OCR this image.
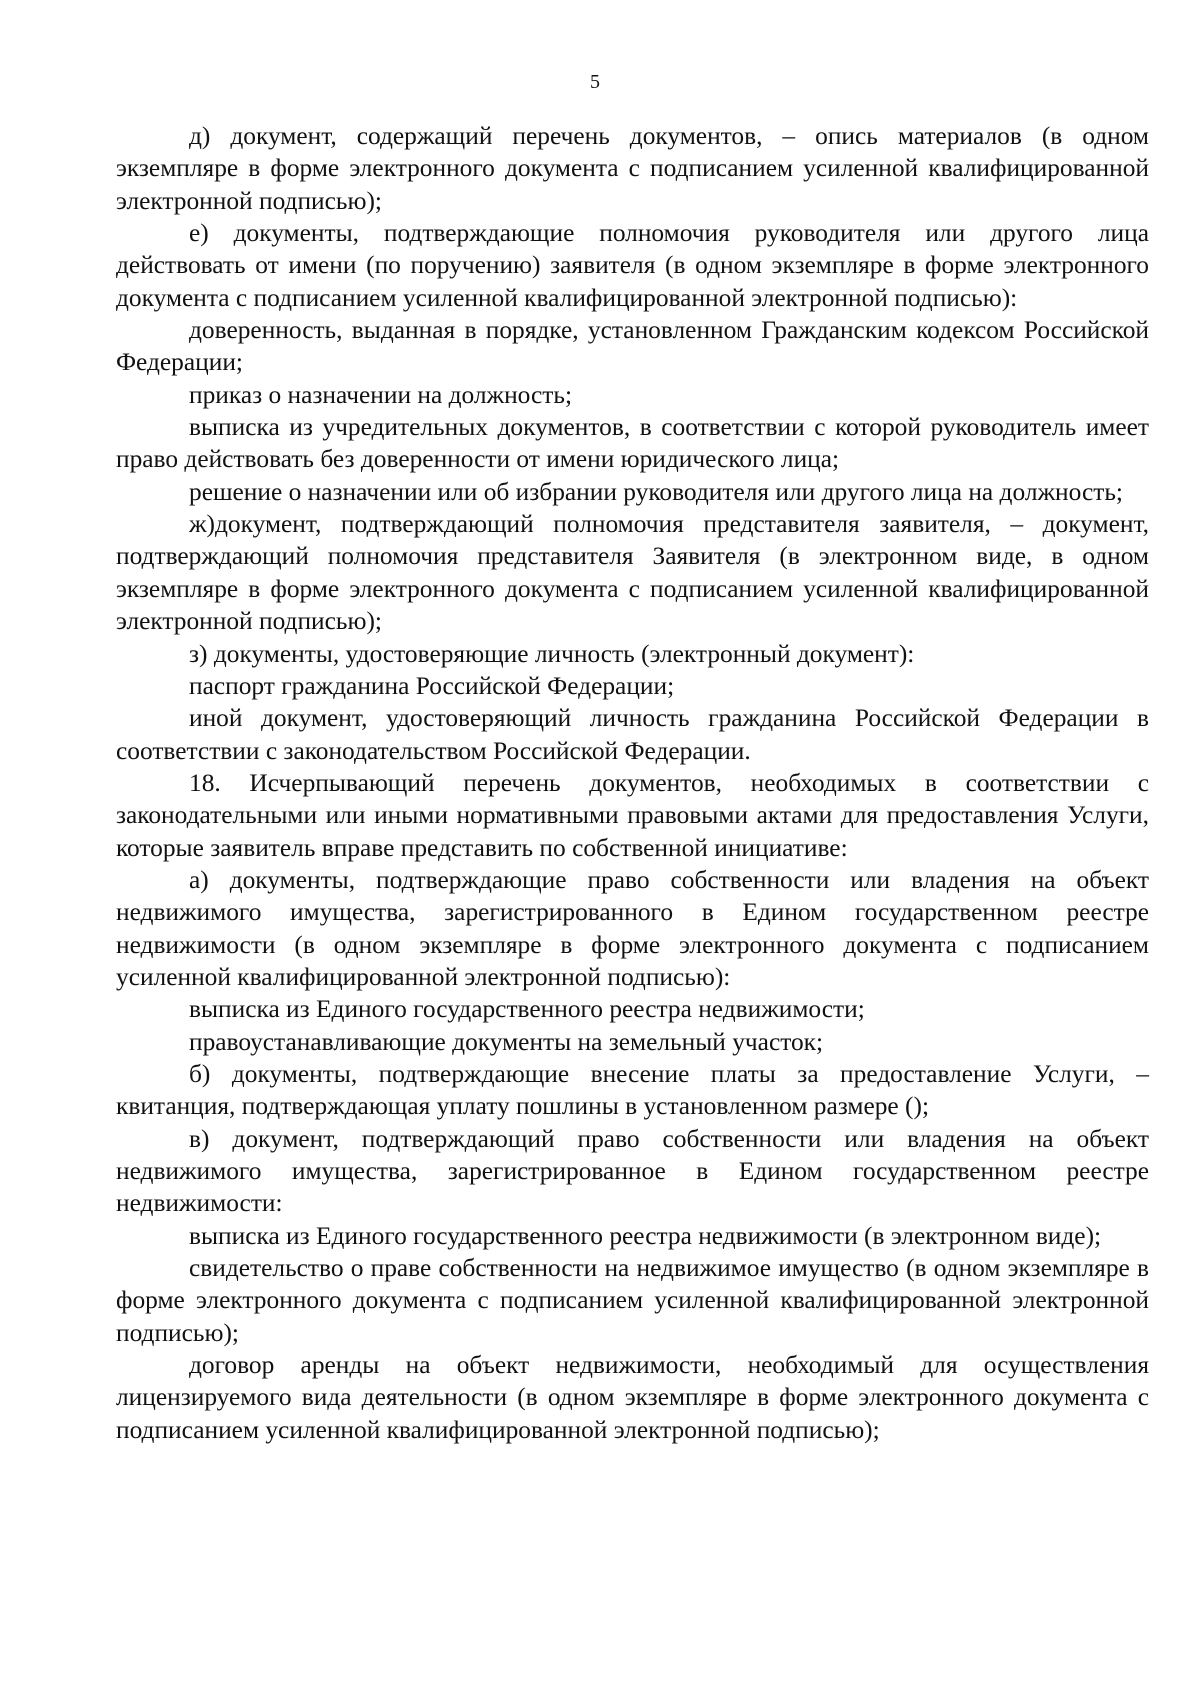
5

д) документ, содержащий перечень документов, – опись материалов (в одном экземпляре в форме электронного документа с подписанием усиленной квалифицированной электронной подписью);

е) документы, подтверждающие полномочия руководителя или другого лица действовать от имени (по поручению) заявителя (в одном экземпляре в форме электронного документа с подписанием усиленной квалифицированной электронной подписью):

доверенность, выданная в порядке, установленном Гражданским кодексом Российской Федерации;

приказ о назначении на должность;

выписка из учредительных документов, в соответствии с которой руководитель имеет право действовать без доверенности от имени юридического лица;

решение о назначении или об избрании руководителя или другого лица на должность;

ж)документ, подтверждающий полномочия представителя заявителя, – документ, подтверждающий полномочия представителя Заявителя (в электронном виде, в одном экземпляре в форме электронного документа с подписанием усиленной квалифицированной электронной подписью);

з) документы, удостоверяющие личность (электронный документ):

паспорт гражданина Российской Федерации;

иной документ, удостоверяющий личность гражданина Российской Федерации в соответствии с законодательством Российской Федерации.

18. Исчерпывающий перечень документов, необходимых в соответствии с законодательными или иными нормативными правовыми актами для предоставления Услуги, которые заявитель вправе представить по собственной инициативе:

а) документы, подтверждающие право собственности или владения на объект недвижимого имущества, зарегистрированного в Едином государственном реестре недвижимости (в одном экземпляре в форме электронного документа с подписанием усиленной квалифицированной электронной подписью):

выписка из Единого государственного реестра недвижимости;

правоустанавливающие документы на земельный участок;

б) документы, подтверждающие внесение платы за предоставление Услуги, – квитанция, подтверждающая уплату пошлины в установленном размере ();

в) документ, подтверждающий право собственности или владения на объект недвижимого имущества, зарегистрированное в Едином государственном реестре недвижимости:

выписка из Единого государственного реестра недвижимости (в электронном виде);

свидетельство о праве собственности на недвижимое имущество (в одном экземпляре в форме электронного документа с подписанием усиленной квалифицированной электронной подписью);

договор аренды на объект недвижимости, необходимый для осуществления лицензируемого вида деятельности (в одном экземпляре в форме электронного документа с подписанием усиленной квалифицированной электронной подписью);
